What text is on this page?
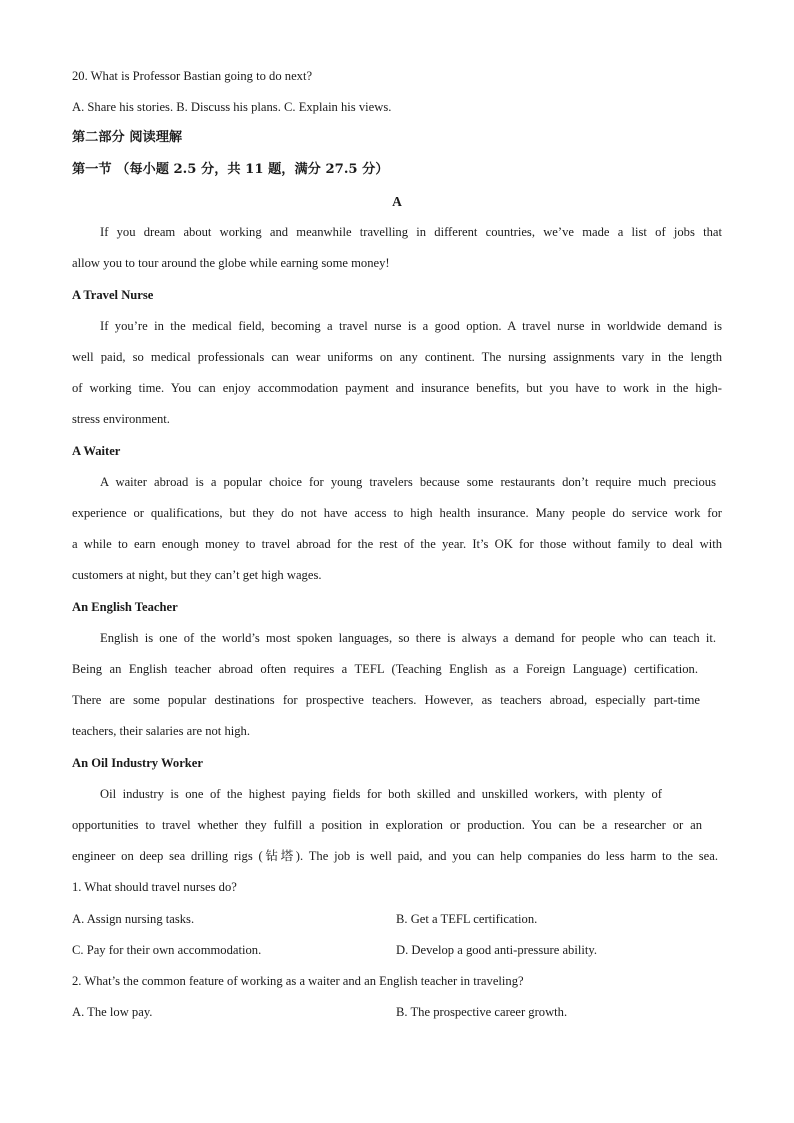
20. What is Professor Bastian going to do next?
A. Share his stories. B. Discuss his plans. C. Explain his views.
第二部分 阅读理解
第一节 （每小题 2.5 分，共 11 题，满分 27.5 分）
A
If you dream about working and meanwhile travelling in different countries, we’ve made a list of jobs that
allow you to tour around the globe while earning some money!
A Travel Nurse
If you’re in the medical field, becoming a travel nurse is a good option. A travel nurse in worldwide demand is
well paid, so medical professionals can wear uniforms on any continent. The nursing assignments vary in the length
of working time. You can enjoy accommodation payment and insurance benefits, but you have to work in the high-
stress environment.
A Waiter
A waiter abroad is a popular choice for young travelers because some restaurants don’t require much precious
experience or qualifications, but they do not have access to high health insurance. Many people do service work for
a while to earn enough money to travel abroad for the rest of the year. It’s OK for those without family to deal with
customers at night, but they can’t get high wages.
An English Teacher
English is one of the world’s most spoken languages, so there is always a demand for people who can teach it.
Being an English teacher abroad often requires a TEFL (Teaching English as a Foreign Language) certification.
There are some popular destinations for prospective teachers. However, as teachers abroad, especially part-time
teachers, their salaries are not high.
An Oil Industry Worker
Oil industry is one of the highest paying fields for both skilled and unskilled workers, with plenty of
opportunities to travel whether they fulfill a position in exploration or production. You can be a researcher or an
engineer on deep sea drilling rigs (钻塔). The job is well paid, and you can help companies do less harm to the sea.
1. What should travel nurses do?
A. Assign nursing tasks.	B. Get a TEFL certification.
C. Pay for their own accommodation.	D. Develop a good anti-pressure ability.
2. What’s the common feature of working as a waiter and an English teacher in traveling?
A. The low pay.	B. The prospective career growth.
